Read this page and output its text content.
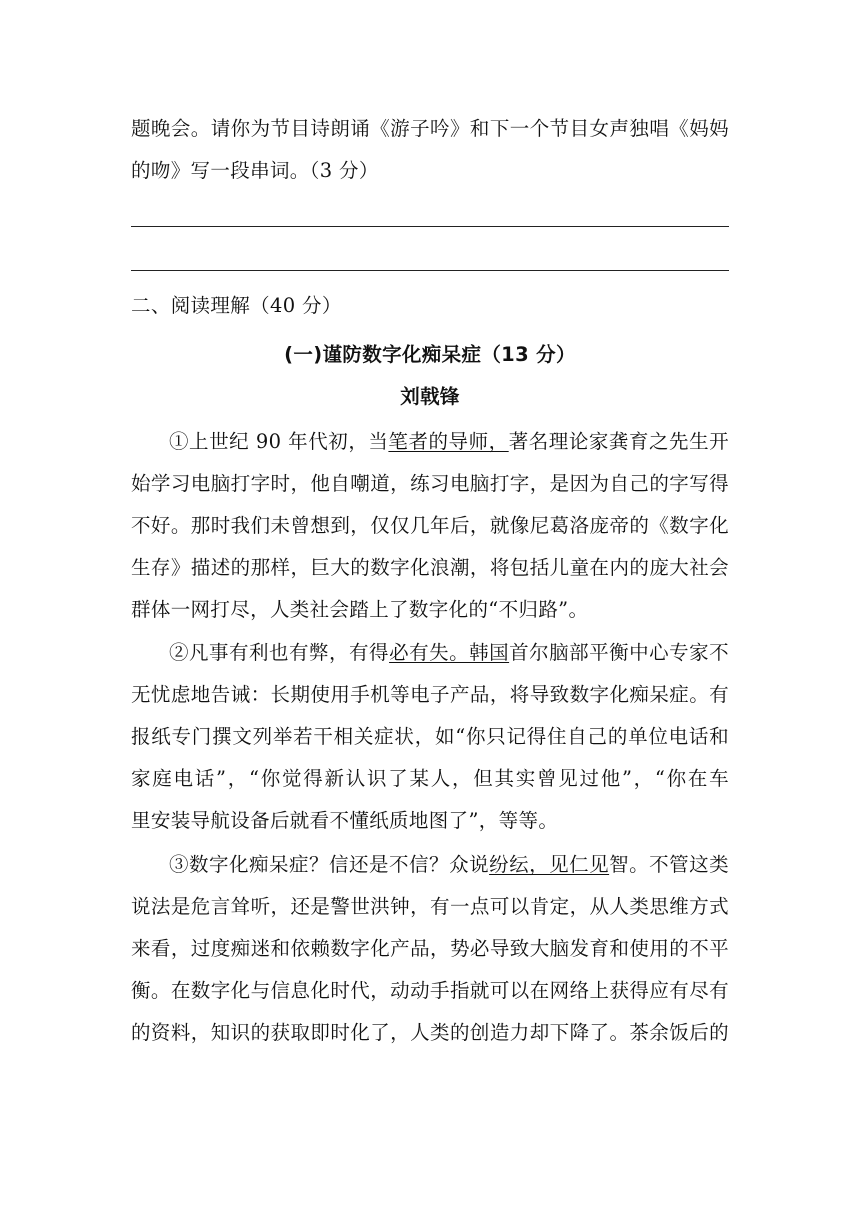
题晚会。请你为节目诗朗诵《游子吟》和下一个节目女声独唱《妈妈
的吻》写一段串词。（3 分）
二、阅读理解（40 分）
(一)谨防数字化痴呆症（13 分）
刘戟锋
①上世纪 90 年代初，当笔者的导师，著名理论家龚育之先生开
始学习电脑打字时，他自嘲道，练习电脑打字，是因为自己的字写得
不好。那时我们未曾想到，仅仅几年后，就像尼葛洛庞帝的《数字化
生存》描述的那样，巨大的数字化浪潮，将包括儿童在内的庞大社会
群体一网打尽，人类社会踏上了数字化的“不归路”。
②凡事有利也有弊，有得必有失。韩国首尔脑部平衡中心专家不
无忧虑地告诫：长期使用手机等电子产品，将导致数字化痴呆症。有
报纸专门撰文列举若干相关症状，如“你只记得住自己的单位电话和
家庭电话”，“你觉得新认识了某人，但其实曾见过他”，“你在车
里安装导航设备后就看不懂纸质地图了”，等等。
③数字化痴呆症？信还是不信？众说纷纭，见仁见智。不管这类
说法是危言耸听，还是警世洪钟，有一点可以肯定，从人类思维方式
来看，过度痴迷和依赖数字化产品，势必导致大脑发育和使用的不平
衡。在数字化与信息化时代，动动手指就可以在网络上获得应有尽有
的资料，知识的获取即时化了，人类的创造力却下降了。茶余饭后的
